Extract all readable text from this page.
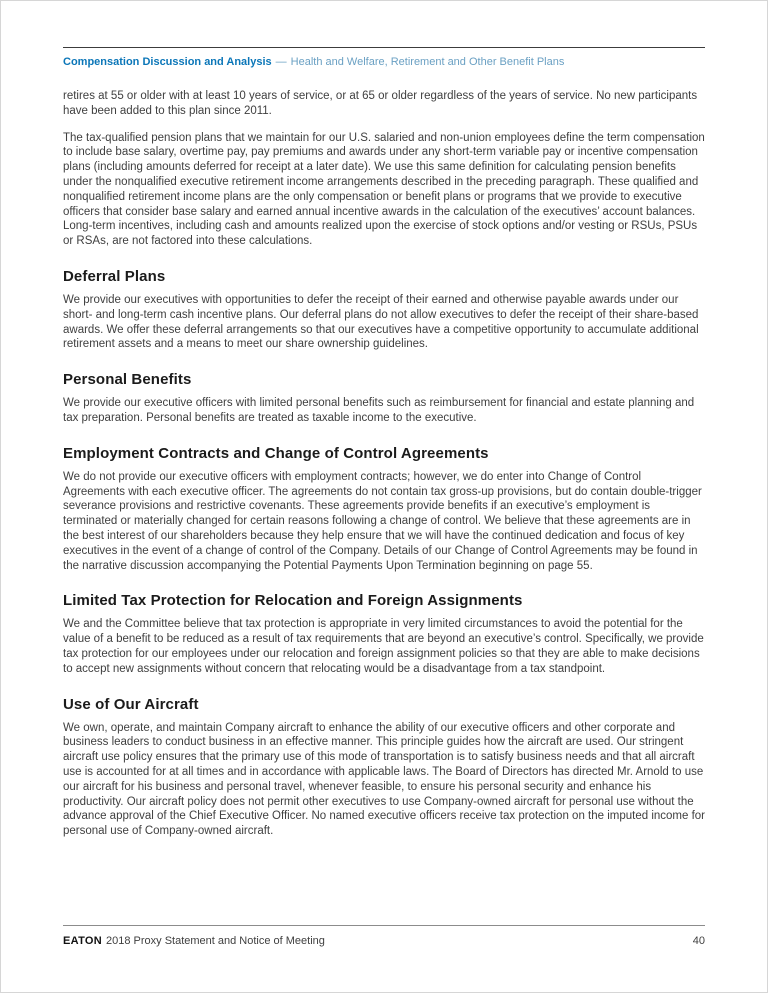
Compensation Discussion and Analysis — Health and Welfare, Retirement and Other Benefit Plans

retires at 55 or older with at least 10 years of service, or at 65 or older regardless of the years of service. No new participants have been added to this plan since 2011.

The tax-qualified pension plans that we maintain for our U.S. salaried and non-union employees define the term compensation to include base salary, overtime pay, pay premiums and awards under any short-term variable pay or incentive compensation plans (including amounts deferred for receipt at a later date). We use this same definition for calculating pension benefits under the nonqualified executive retirement income arrangements described in the preceding paragraph. These qualified and nonqualified retirement income plans are the only compensation or benefit plans or programs that we provide to executive officers that consider base salary and earned annual incentive awards in the calculation of the executives’ account balances. Long-term incentives, including cash and amounts realized upon the exercise of stock options and/or vesting or RSUs, PSUs or RSAs, are not factored into these calculations.

Deferral Plans

We provide our executives with opportunities to defer the receipt of their earned and otherwise payable awards under our short- and long-term cash incentive plans. Our deferral plans do not allow executives to defer the receipt of their share-based awards. We offer these deferral arrangements so that our executives have a competitive opportunity to accumulate additional retirement assets and a means to meet our share ownership guidelines.

Personal Benefits

We provide our executive officers with limited personal benefits such as reimbursement for financial and estate planning and tax preparation. Personal benefits are treated as taxable income to the executive.

Employment Contracts and Change of Control Agreements

We do not provide our executive officers with employment contracts; however, we do enter into Change of Control Agreements with each executive officer. The agreements do not contain tax gross-up provisions, but do contain double-trigger severance provisions and restrictive covenants. These agreements provide benefits if an executive’s employment is terminated or materially changed for certain reasons following a change of control. We believe that these agreements are in the best interest of our shareholders because they help ensure that we will have the continued dedication and focus of key executives in the event of a change of control of the Company. Details of our Change of Control Agreements may be found in the narrative discussion accompanying the Potential Payments Upon Termination beginning on page 55.

Limited Tax Protection for Relocation and Foreign Assignments

We and the Committee believe that tax protection is appropriate in very limited circumstances to avoid the potential for the value of a benefit to be reduced as a result of tax requirements that are beyond an executive’s control. Specifically, we provide tax protection for our employees under our relocation and foreign assignment policies so that they are able to make decisions to accept new assignments without concern that relocating would be a disadvantage from a tax standpoint.

Use of Our Aircraft

We own, operate, and maintain Company aircraft to enhance the ability of our executive officers and other corporate and business leaders to conduct business in an effective manner. This principle guides how the aircraft are used. Our stringent aircraft use policy ensures that the primary use of this mode of transportation is to satisfy business needs and that all aircraft use is accounted for at all times and in accordance with applicable laws. The Board of Directors has directed Mr. Arnold to use our aircraft for his business and personal travel, whenever feasible, to ensure his personal security and enhance his productivity. Our aircraft policy does not permit other executives to use Company-owned aircraft for personal use without the advance approval of the Chief Executive Officer. No named executive officers receive tax protection on the imputed income for personal use of Company-owned aircraft.

EATON 2018 Proxy Statement and Notice of Meeting	40
